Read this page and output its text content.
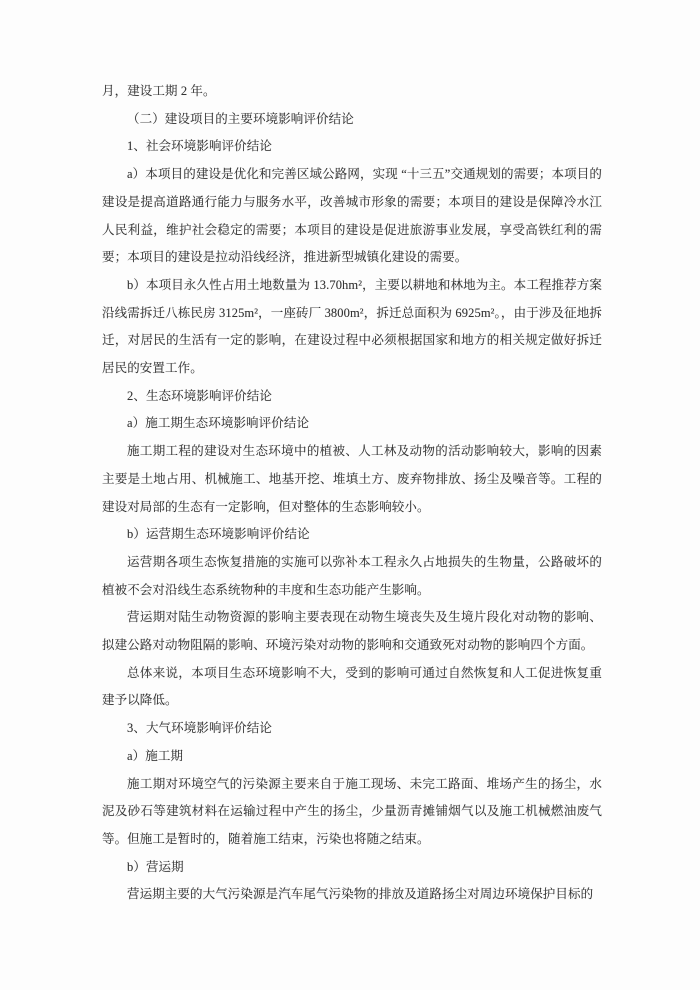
月，建设工期 2 年。

（二）建设项目的主要环境影响评价结论

1、社会环境影响评价结论

a）本项目的建设是优化和完善区域公路网，实现 “十三五”交通规划的需要；本项目的建设是提高道路通行能力与服务水平，改善城市形象的需要；本项目的建设是保障冷水江人民利益，维护社会稳定的需要；本项目的建设是促进旅游事业发展，享受高铁红利的需要；本项目的建设是拉动沿线经济，推进新型城镇化建设的需要。

b）本项目永久性占用土地数量为 13.70hm²，主要以耕地和林地为主。本工程推荐方案沿线需拆迁八栋民房 3125m²，一座砖厂 3800m²，拆迁总面积为 6925m²。，由于涉及征地拆迁，对居民的生活有一定的影响，在建设过程中必须根据国家和地方的相关规定做好拆迁居民的安置工作。

2、生态环境影响评价结论

a）施工期生态环境影响评价结论

施工期工程的建设对生态环境中的植被、人工林及动物的活动影响较大，影响的因素主要是土地占用、机械施工、地基开挖、堆填土方、废弃物排放、扬尘及噪音等。工程的建设对局部的生态有一定影响，但对整体的生态影响较小。

b）运营期生态环境影响评价结论

运营期各项生态恢复措施的实施可以弥补本工程永久占地损失的生物量，公路破坏的植被不会对沿线生态系统物种的丰度和生态功能产生影响。

营运期对陆生动物资源的影响主要表现在动物生境丧失及生境片段化对动物的影响、拟建公路对动物阻隔的影响、环境污染对动物的影响和交通致死对动物的影响四个方面。

总体来说，本项目生态环境影响不大，受到的影响可通过自然恢复和人工促进恢复重建予以降低。

3、大气环境影响评价结论

a）施工期

施工期对环境空气的污染源主要来自于施工现场、未完工路面、堆场产生的扬尘，水泥及砂石等建筑材料在运输过程中产生的扬尘，少量沥青摊铺烟气以及施工机械燃油废气等。但施工是暂时的，随着施工结束，污染也将随之结束。

b）营运期

营运期主要的大气污染源是汽车尾气污染物的排放及道路扬尘对周边环境保护目标的
